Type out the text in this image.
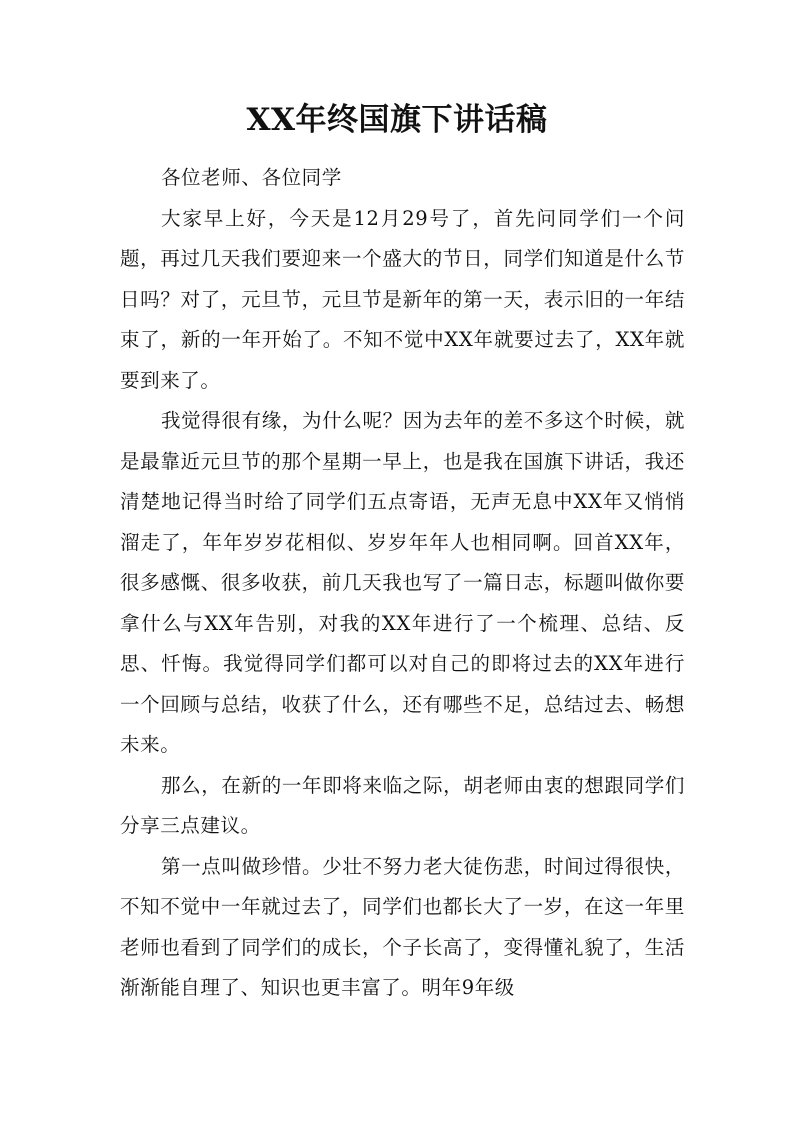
XX年终国旗下讲话稿

各位老师、各位同学

大家早上好，今天是12月29号了，首先问同学们一个问题，再过几天我们要迎来一个盛大的节日，同学们知道是什么节日吗？对了，元旦节，元旦节是新年的第一天，表示旧的一年结束了，新的一年开始了。不知不觉中XX年就要过去了，XX年就要到来了。

我觉得很有缘，为什么呢？因为去年的差不多这个时候，就是最靠近元旦节的那个星期一早上，也是我在国旗下讲话，我还清楚地记得当时给了同学们五点寄语，无声无息中XX年又悄悄溜走了，年年岁岁花相似、岁岁年年人也相同啊。回首XX年，很多感慨、很多收获，前几天我也写了一篇日志，标题叫做你要拿什么与XX年告别，对我的XX年进行了一个梳理、总结、反思、忏悔。我觉得同学们都可以对自己的即将过去的XX年进行一个回顾与总结，收获了什么，还有哪些不足，总结过去、畅想未来。

那么，在新的一年即将来临之际，胡老师由衷的想跟同学们分享三点建议。

第一点叫做珍惜。少壮不努力老大徒伤悲，时间过得很快，不知不觉中一年就过去了，同学们也都长大了一岁，在这一年里老师也看到了同学们的成长，个子长高了，变得懂礼貌了，生活渐渐能自理了、知识也更丰富了。明年9年级
